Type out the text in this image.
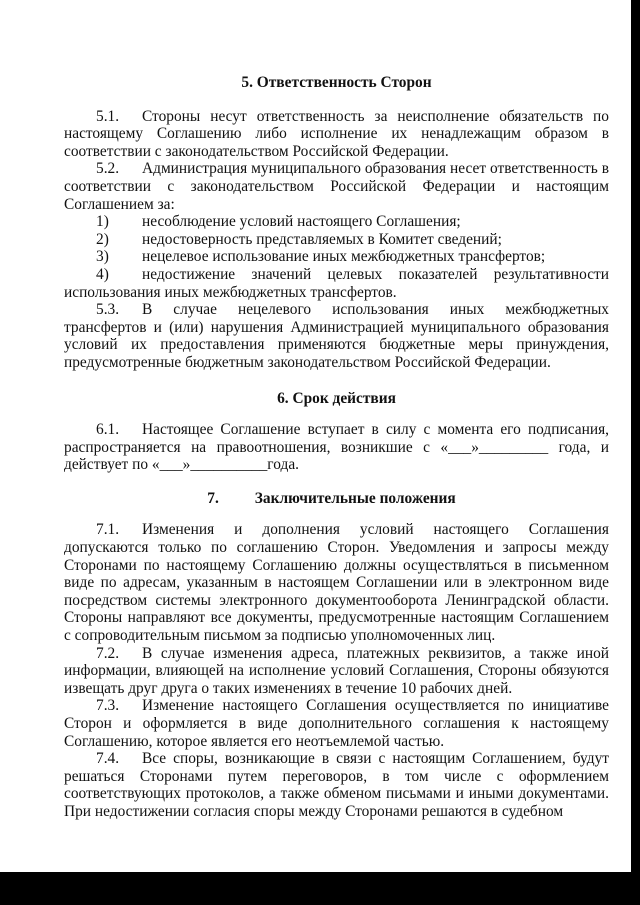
5. Ответственность Сторон

5.1. Стороны несут ответственность за неисполнение обязательств по настоящему Соглашению либо исполнение их ненадлежащим образом в соответствии с законодательством Российской Федерации.

5.2. Администрация муниципального образования несет ответственность в соответствии с законодательством Российской Федерации и настоящим Соглашением за:

1) несоблюдение условий настоящего Соглашения;

2) недостоверность представляемых в Комитет сведений;

3) нецелевое использование иных межбюджетных трансфертов;

4) недостижение значений целевых показателей результативности использования иных межбюджетных трансфертов.

5.3. В случае нецелевого использования иных межбюджетных трансфертов и (или) нарушения Администрацией муниципального образования условий их предоставления применяются бюджетные меры принуждения, предусмотренные бюджетным законодательством Российской Федерации.

6. Срок действия

6.1. Настоящее Соглашение вступает в силу с момента его подписания, распространяется на правоотношения, возникшие с «___»_________ года, и действует по «___»__________года.

7. Заключительные положения

7.1. Изменения и дополнения условий настоящего Соглашения допускаются только по соглашению Сторон. Уведомления и запросы между Сторонами по настоящему Соглашению должны осуществляться в письменном виде по адресам, указанным в настоящем Соглашении или в электронном виде посредством системы электронного документооборота Ленинградской области. Стороны направляют все документы, предусмотренные настоящим Соглашением с сопроводительным письмом за подписью уполномоченных лиц.

7.2. В случае изменения адреса, платежных реквизитов, а также иной информации, влияющей на исполнение условий Соглашения, Стороны обязуются извещать друг друга о таких изменениях в течение 10 рабочих дней.

7.3. Изменение настоящего Соглашения осуществляется по инициативе Сторон и оформляется в виде дополнительного соглашения к настоящему Соглашению, которое является его неотъемлемой частью.

7.4. Все споры, возникающие в связи с настоящим Соглашением, будут решаться Сторонами путем переговоров, в том числе с оформлением соответствующих протоколов, а также обменом письмами и иными документами. При недостижении согласия споры между Сторонами решаются в судебном
